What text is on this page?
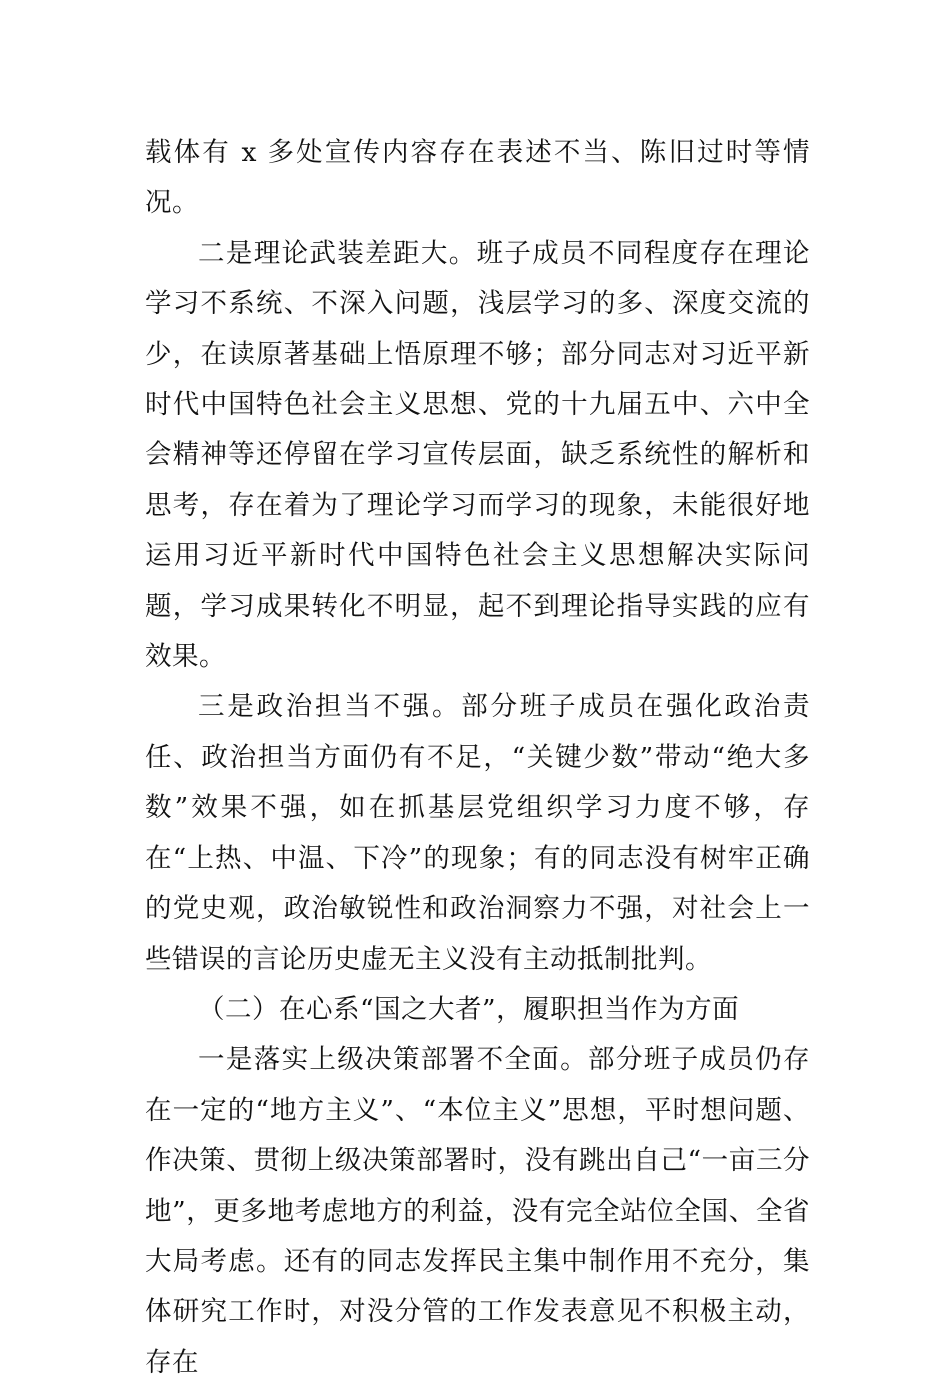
载体有 x 多处宣传内容存在表述不当、陈旧过时等情况。

二是理论武装差距大。班子成员不同程度存在理论学习不系统、不深入问题，浅层学习的多、深度交流的少，在读原著基础上悟原理不够；部分同志对习近平新时代中国特色社会主义思想、党的十九届五中、六中全会精神等还停留在学习宣传层面，缺乏系统性的解析和思考，存在着为了理论学习而学习的现象，未能很好地运用习近平新时代中国特色社会主义思想解决实际问题，学习成果转化不明显，起不到理论指导实践的应有效果。

三是政治担当不强。部分班子成员在强化政治责任、政治担当方面仍有不足，“关键少数”带动“绝大多数”效果不强，如在抓基层党组织学习力度不够，存在“上热、中温、下冷”的现象；有的同志没有树牢正确的党史观，政治敏锐性和政治洞察力不强，对社会上一些错误的言论历史虚无主义没有主动抵制批判。

（二）在心系“国之大者”，履职担当作为方面

一是落实上级决策部署不全面。部分班子成员仍存在一定的“地方主义”、“本位主义”思想，平时想问题、作决策、贯彻上级决策部署时，没有跳出自己“一亩三分地”，更多地考虑地方的利益，没有完全站位全国、全省大局考虑。还有的同志发挥民主集中制作用不充分，集体研究工作时，对没分管的工作发表意见不积极主动，存在
